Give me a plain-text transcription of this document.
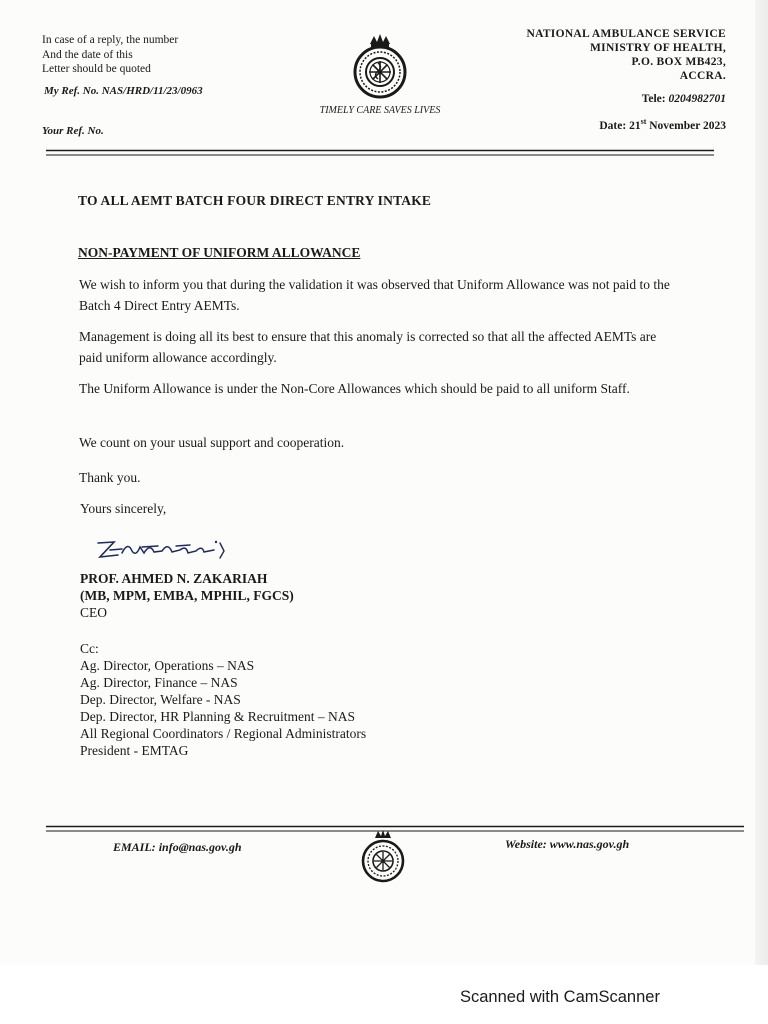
In case of a reply, the number
And the date of this
Letter should be quoted
My Ref. No. NAS/HRD/11/23/0963
Your Ref. No.
TIMELY CARE SAVES LIVES
NATIONAL AMBULANCE SERVICE
MINISTRY OF HEALTH,
P.O. BOX MB423,
ACCRA.
Tele: 0204982701
Date: 21st November 2023
TO ALL AEMT BATCH FOUR DIRECT ENTRY INTAKE
NON-PAYMENT OF UNIFORM ALLOWANCE

We wish to inform you that during the validation it was observed that Uniform Allowance was not paid to the Batch 4 Direct Entry AEMTs.

Management is doing all its best to ensure that this anomaly is corrected so that all the affected AEMTs are paid uniform allowance accordingly.

The Uniform Allowance is under the Non-Core Allowances which should be paid to all uniform Staff.

We count on your usual support and cooperation.

Thank you.

Yours sincerely,
PROF. AHMED N. ZAKARIAH
(MB, MPM, EMBA, MPHIL, FGCS)
CEO
Cc:
Ag. Director, Operations – NAS
Ag. Director, Finance – NAS
Dep. Director, Welfare - NAS
Dep. Director, HR Planning & Recruitment – NAS
All Regional Coordinators / Regional Administrators
President - EMTAG
EMAIL: info@nas.gov.gh	Website: www.nas.gov.gh
Scanned with CamScanner
